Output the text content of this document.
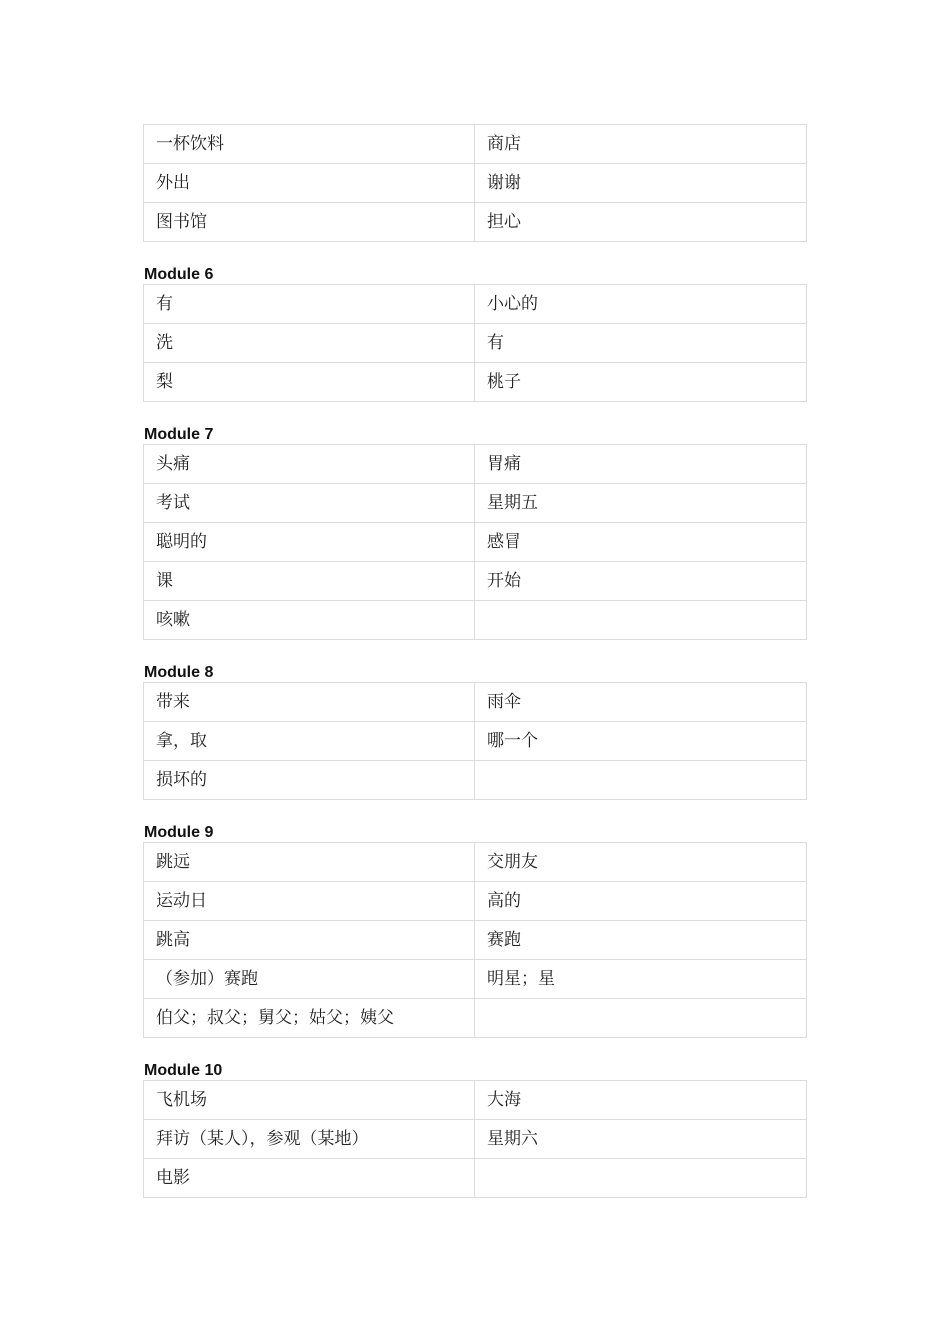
一杯饮料	商店
外出	谢谢
图书馆	担心
Module 6
有	小心的
洗	有
梨	桃子
Module 7
头痛	胃痛
考试	星期五
聪明的	感冒
课	开始
咳嗽	
Module 8
带来	雨伞
拿，取	哪一个
损坏的	
Module 9
跳远	交朋友
运动日	高的
跳高	赛跑
（参加）赛跑	明星；星
伯父；叔父；舅父；姑父；姨父	
Module 10
飞机场	大海
拜访（某人），参观（某地）	星期六
电影	
